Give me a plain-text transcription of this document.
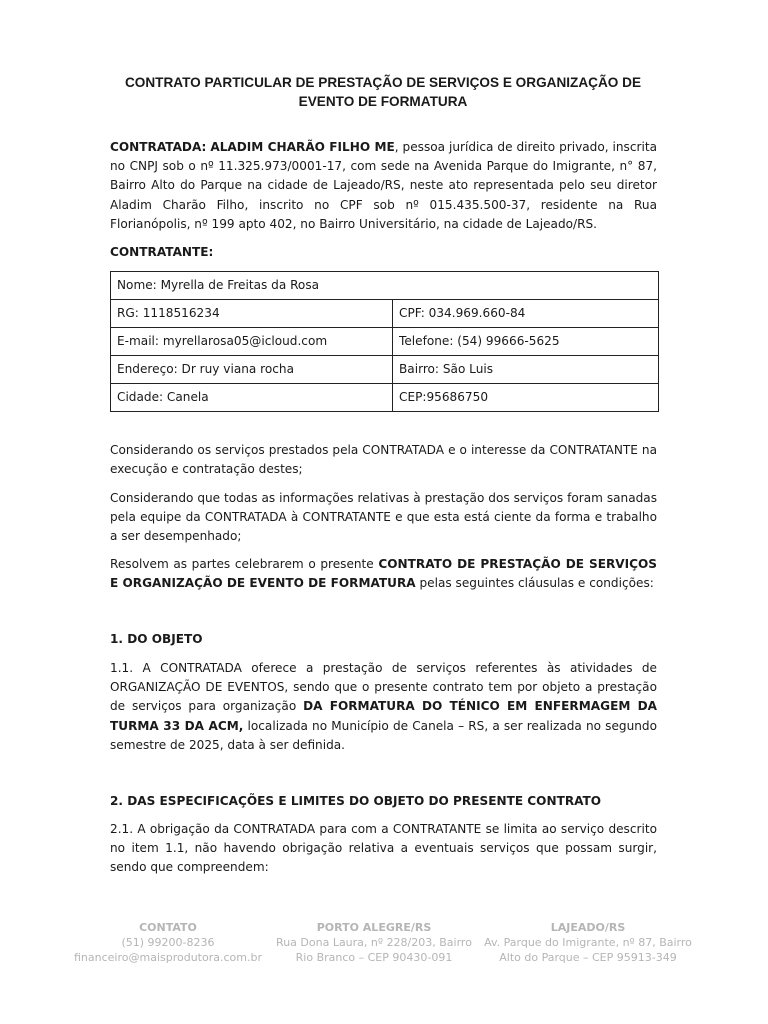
CONTRATO PARTICULAR DE PRESTAÇÃO DE SERVIÇOS E ORGANIZAÇÃO DE
EVENTO DE FORMATURA

CONTRATADA: ALADIM CHARÃO FILHO ME, pessoa jurídica de direito privado, inscrita no CNPJ sob o nº 11.325.973/0001-17, com sede na Avenida Parque do Imigrante, n° 87, Bairro Alto do Parque na cidade de Lajeado/RS, neste ato representada pelo seu diretor Aladim Charão Filho, inscrito no CPF sob nº 015.435.500-37, residente na Rua Florianópolis, nº 199 apto 402, no Bairro Universitário, na cidade de Lajeado/RS.

CONTRATANTE:

Nome: Myrella de Freitas da Rosa	
RG: 1118516234	CPF: 034.969.660-84
E-mail: myrellarosa05@icloud.com	Telefone: (54) 99666-5625
Endereço: Dr ruy viana rocha	Bairro: São Luis
Cidade: Canela	CEP:95686750

Considerando os serviços prestados pela CONTRATADA e o interesse da CONTRATANTE na execução e contratação destes;

Considerando que todas as informações relativas à prestação dos serviços foram sanadas pela equipe da CONTRATADA à CONTRATANTE e que esta está ciente da forma e trabalho a ser desempenhado;

Resolvem as partes celebrarem o presente CONTRATO DE PRESTAÇÃO DE SERVIÇOS E ORGANIZAÇÃO DE EVENTO DE FORMATURA pelas seguintes cláusulas e condições:

1. DO OBJETO

1.1. A CONTRATADA oferece a prestação de serviços referentes às atividades de ORGANIZAÇÃO DE EVENTOS, sendo que o presente contrato tem por objeto a prestação de serviços para organização DA FORMATURA DO TÉNICO EM ENFERMAGEM DA TURMA 33 DA ACM, localizada no Município de Canela – RS, a ser realizada no segundo semestre de 2025, data à ser definida.

2. DAS ESPECIFICAÇÕES E LIMITES DO OBJETO DO PRESENTE CONTRATO

2.1. A obrigação da CONTRATADA para com a CONTRATANTE se limita ao serviço descrito no item 1.1, não havendo obrigação relativa a eventuais serviços que possam surgir, sendo que compreendem:

CONTATO
(51) 99200-8236
financeiro@maisprodutora.com.br
PORTO ALEGRE/RS
Rua Dona Laura, nº 228/203, Bairro
Rio Branco – CEP 90430-091
LAJEADO/RS
Av. Parque do Imigrante, nº 87, Bairro
Alto do Parque – CEP 95913-349
